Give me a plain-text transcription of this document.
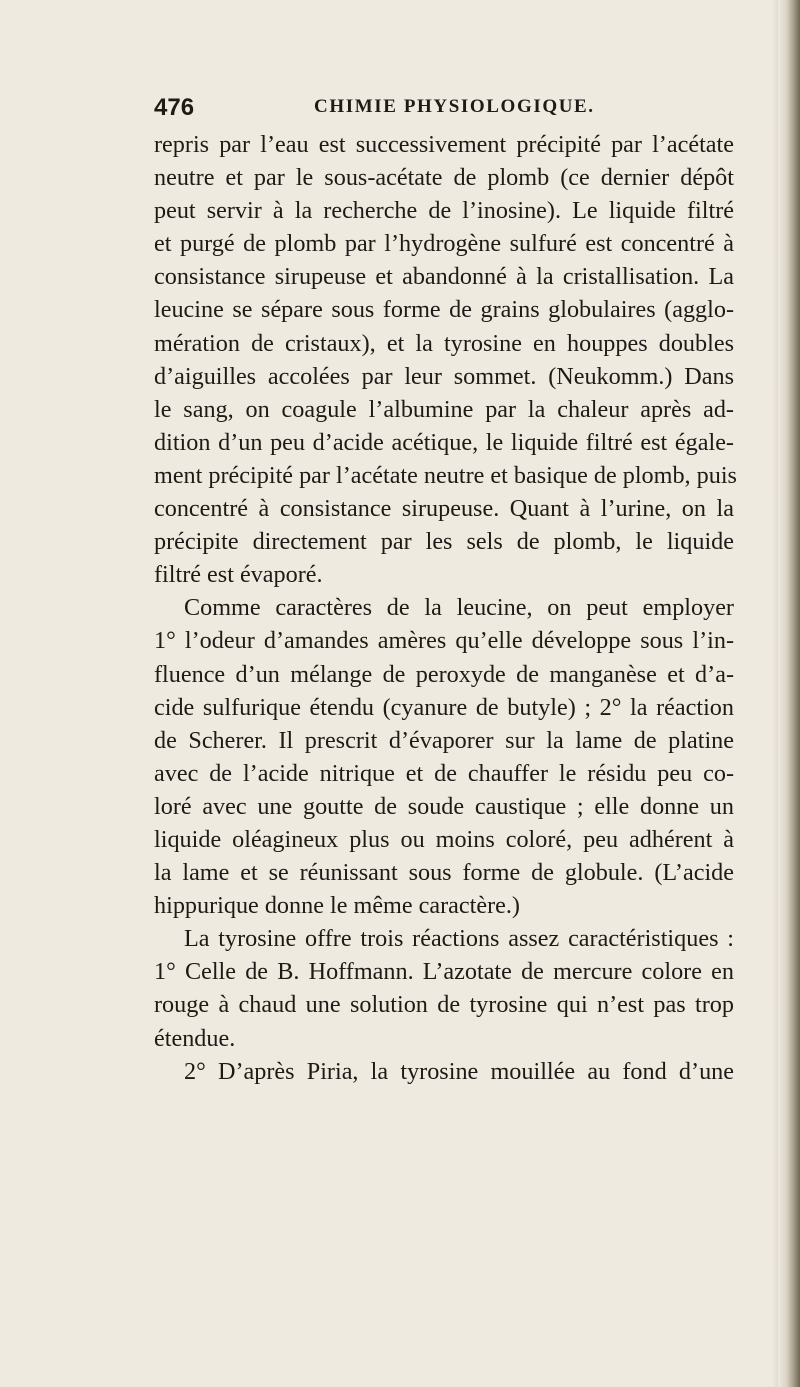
476	CHIMIE PHYSIOLOGIQUE.
repris par l’eau est successivement précipité par l’acétate
neutre et par le sous-acétate de plomb (ce dernier dépôt
peut servir à la recherche de l’inosine). Le liquide filtré
et purgé de plomb par l’hydrogène sulfuré est concentré à
consistance sirupeuse et abandonné à la cristallisation. La
leucine se sépare sous forme de grains globulaires (agglo-
mération de cristaux), et la tyrosine en houppes doubles
d’aiguilles accolées par leur sommet. (Neukomm.) Dans
le sang, on coagule l’albumine par la chaleur après ad-
dition d’un peu d’acide acétique, le liquide filtré est égale-
ment précipité par l’acétate neutre et basique de plomb, puis
concentré à consistance sirupeuse. Quant à l’urine, on la
précipite directement par les sels de plomb, le liquide
filtré est évaporé.
Comme caractères de la leucine, on peut employer
1° l’odeur d’amandes amères qu’elle développe sous l’in-
fluence d’un mélange de peroxyde de manganèse et d’a-
cide sulfurique étendu (cyanure de butyle) ; 2° la réaction
de Scherer. Il prescrit d’évaporer sur la lame de platine
avec de l’acide nitrique et de chauffer le résidu peu co-
loré avec une goutte de soude caustique ; elle donne un
liquide oléagineux plus ou moins coloré, peu adhérent à
la lame et se réunissant sous forme de globule. (L’acide
hippurique donne le même caractère.)
La tyrosine offre trois réactions assez caractéristiques :
1° Celle de B. Hoffmann. L’azotate de mercure colore en
rouge à chaud une solution de tyrosine qui n’est pas trop
étendue.
2° D’après Piria, la tyrosine mouillée au fond d’une
